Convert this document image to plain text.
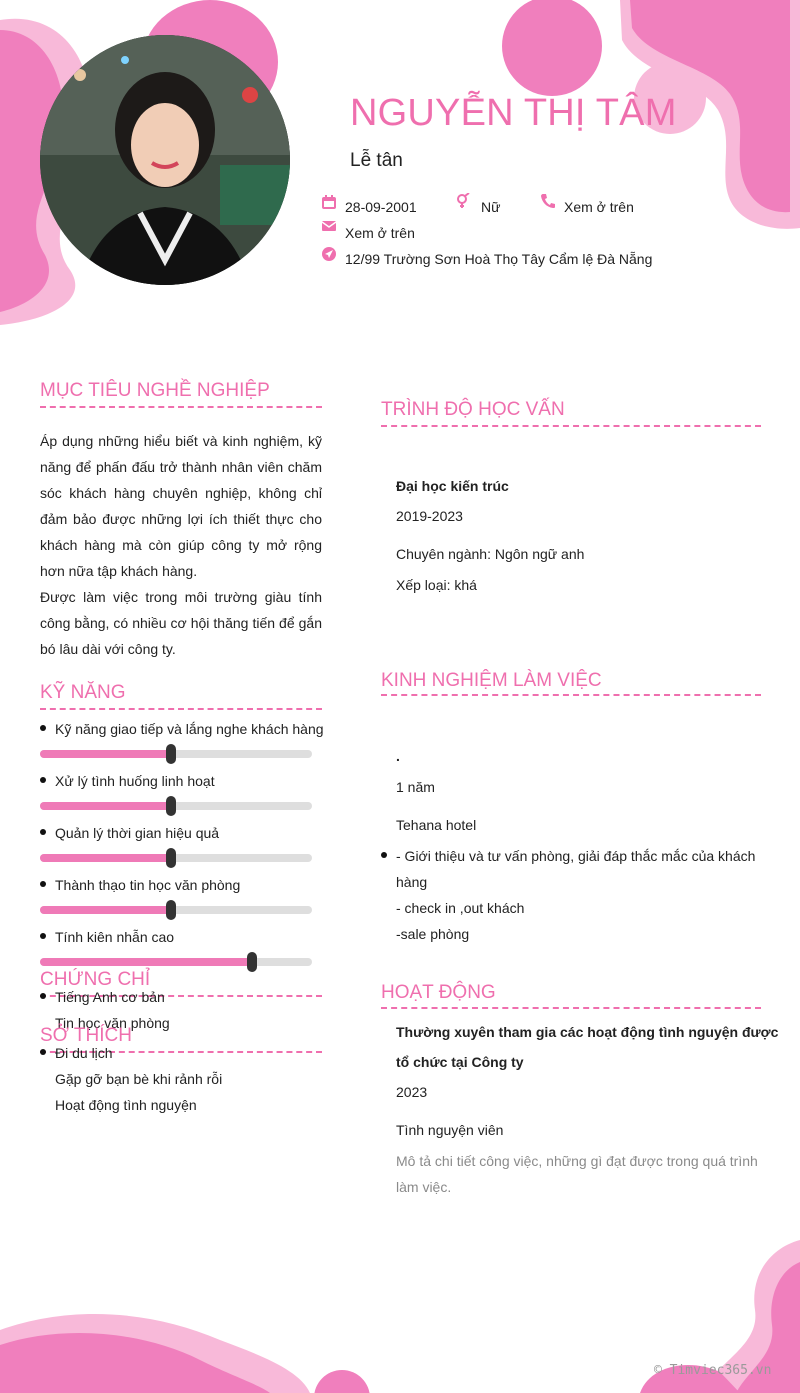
NGUYỄN THỊ TÂM
Lễ tân
28-09-2001	Nữ	Xem ở trên
Xem ở trên
12/99 Trường Sơn Hoà Thọ Tây Cẩm lệ Đà Nẵng
MỤC TIÊU NGHỀ NGHIỆP

Áp dụng những hiểu biết và kinh nghiệm, kỹ năng để phấn đấu trở thành nhân viên chăm sóc khách hàng chuyên nghiệp, không chỉ đảm bảo được những lợi ích thiết thực cho khách hàng mà còn giúp công ty mở rộng hơn nữa tập khách hàng.

Được làm việc trong môi trường giàu tính công bằng, có nhiều cơ hội thăng tiến để gắn bó lâu dài với công ty.

KỸ NĂNG
Kỹ năng giao tiếp và lắng nghe khách hàng
Xử lý tình huống linh hoạt
Quản lý thời gian hiệu quả
Thành thạo tin học văn phòng
Tính kiên nhẫn cao
CHỨNG CHỈ
Tiếng Anh cơ bản
Tin học văn phòng
SỞ THÍCH
Đi du lịch
Gặp gỡ bạn bè khi rảnh rỗi
Hoạt động tình nguyện
TRÌNH ĐỘ HỌC VẤN
Đại học kiến trúc
2019-2023
Chuyên ngành: Ngôn ngữ anh
Xếp loại: khá
KINH NGHIỆM LÀM VIỆC
.
1 năm
Tehana hotel
- Giới thiệu và tư vấn phòng, giải đáp thắc mắc của khách
hàng
- check in ,out khách
-sale phòng
HOẠT ĐỘNG
Thường xuyên tham gia các hoạt động tình nguyện được
tổ chức tại Công ty
2023
Tình nguyện viên
Mô tả chi tiết công việc, những gì đạt được trong quá trình
làm việc.
© Timviec365.vn
